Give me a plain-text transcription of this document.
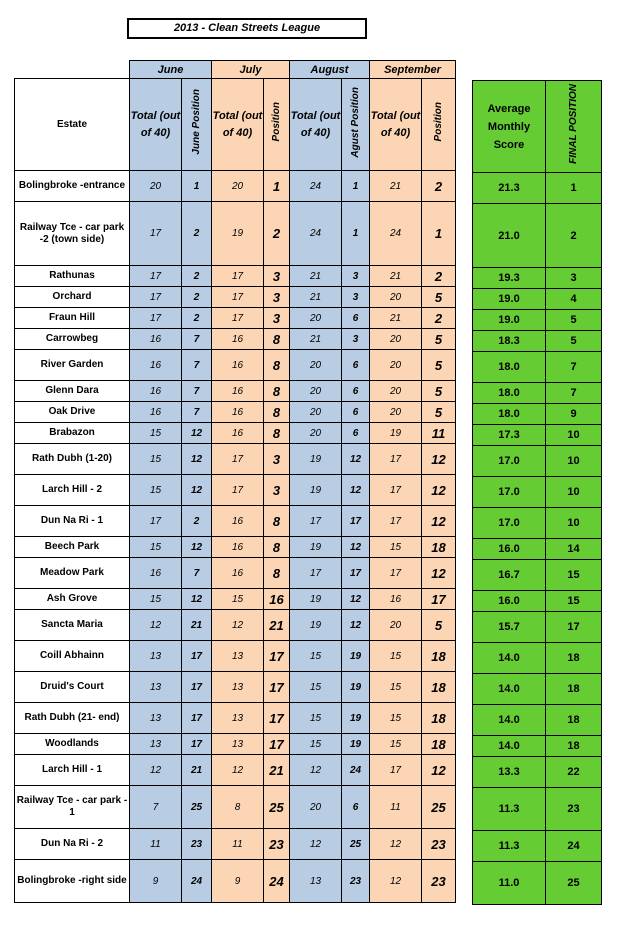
2013 - Clean Streets League
	June		July		August		September	
Estate	Total (out of 40)	June Position	Total (out of 40)	Position	Total (out of 40)	Agust Position	Total (out of 40)	Position
Bolingbroke -entrance	20	1	20	1	24	1	21	2
Railway Tce - car park -2 (town side)	17	2	19	2	24	1	24	1
Rathunas	17	2	17	3	21	3	21	2
Orchard	17	2	17	3	21	3	20	5
Fraun Hill	17	2	17	3	20	6	21	2
Carrowbeg	16	7	16	8	21	3	20	5
River Garden	16	7	16	8	20	6	20	5
Glenn Dara	16	7	16	8	20	6	20	5
Oak Drive	16	7	16	8	20	6	20	5
Brabazon	15	12	16	8	20	6	19	11
Rath Dubh (1-20)	15	12	17	3	19	12	17	12
Larch Hill - 2	15	12	17	3	19	12	17	12
Dun Na Ri - 1	17	2	16	8	17	17	17	12
Beech Park	15	12	16	8	19	12	15	18
Meadow Park	16	7	16	8	17	17	17	12
Ash Grove	15	12	15	16	19	12	16	17
Sancta Maria	12	21	12	21	19	12	20	5
Coill Abhainn	13	17	13	17	15	19	15	18
Druid's Court	13	17	13	17	15	19	15	18
Rath Dubh (21- end)	13	17	13	17	15	19	15	18
Woodlands	13	17	13	17	15	19	15	18
Larch Hill - 1	12	21	12	21	12	24	17	12
Railway Tce - car park - 1	7	25	8	25	20	6	11	25
Dun Na Ri - 2	11	23	11	23	12	25	12	23
Bolingbroke -right side	9	24	9	24	13	23	12	23
Average Monthly Score	FINAL POSITION
21.3	1
21.0	2
19.3	3
19.0	4
19.0	5
18.3	5
18.0	7
18.0	7
18.0	9
17.3	10
17.0	10
17.0	10
17.0	10
16.0	14
16.7	15
16.0	15
15.7	17
14.0	18
14.0	18
14.0	18
14.0	18
13.3	22
11.3	23
11.3	24
11.0	25
